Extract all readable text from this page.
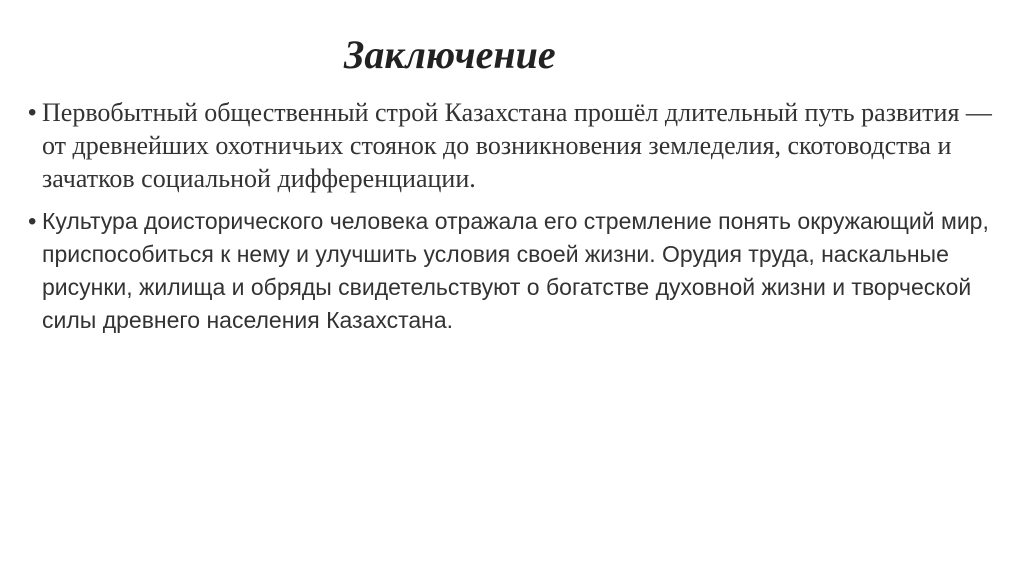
Заключение
• Первобытный общественный строй Казахстана прошёл длительный путь развития — от древнейших охотничьих стоянок до возникновения земледелия, скотоводства и зачатков социальной дифференциации.
• Культура доисторического человека отражала его стремление понять окружающий мир, приспособиться к нему и улучшить условия своей жизни. Орудия труда, наскальные рисунки, жилища и обряды свидетельствуют о богатстве духовной жизни и творческой силы древнего населения Казахстана.
